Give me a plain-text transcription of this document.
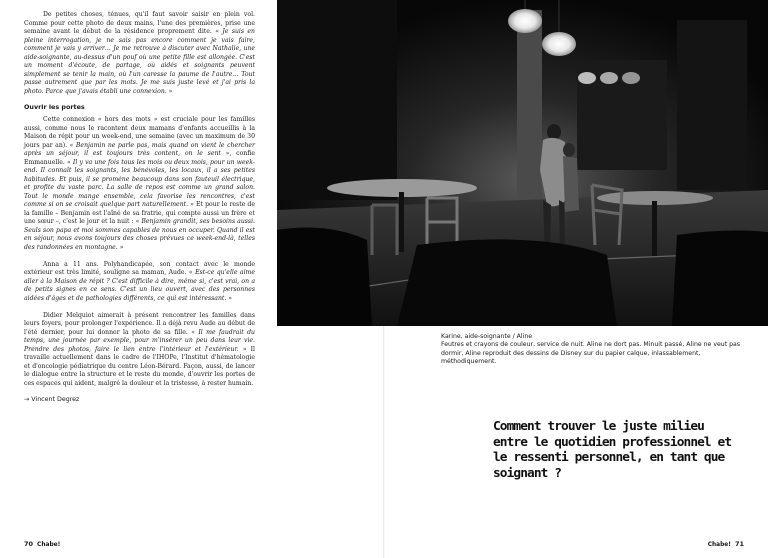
De petites choses, ténues, qu'il faut savoir saisir en plein vol. Comme pour cette photo de deux mains, l'une des premières, prise une semaine avant le début de la résidence proprement dite. « Je suis en pleine interrogation, je ne sais pas encore comment je vais faire, comment je vais y arriver… Je me retrouve à discuter avec Nathalie, une aide-soignante, au-dessus d'un pouf où une petite fille est allongée. C'est un moment d'écoute, de partage, où aidés et soignants peuvent simplement se tenir la main, où l'un caresse la paume de l'autre… Tout passe autrement que par les mots. Je me suis juste levé et j'ai pris la photo. Parce que j'avais établi une connexion. »

Ouvrir les portes

Cette connexion « hors des mots » est cruciale pour les familles aussi, comme nous le racontent deux mamans d'enfants accueillis à la Maison de répit pour un week-end, une semaine (avec un maximum de 30 jours par an). « Benjamin ne parle pas, mais quand on vient le chercher après un séjour, il est toujours très content, on le sent », confie Emmanuelle. « Il y va une fois tous les mois ou deux mois, pour un week-end. Il connaît les soignants, les bénévoles, les locaux, il a ses petites habitudes. Et puis, il se promène beaucoup dans son fauteuil électrique, et profite du vaste parc. La salle de repos est comme un grand salon. Tout le monde mange ensemble, cela favorise les rencontres, c'est comme si on se croisait quelque part naturellement. » Et pour le reste de la famille – Benjamin est l'aîné de sa fratrie, qui compte aussi un frère et une sœur –, c'est le jour et la nuit : « Benjamin grandit, ses besoins aussi. Seuls son papa et moi sommes capables de nous en occuper. Quand il est en séjour, nous avons toujours des choses prévues ce week-end-là, telles des randonnées en montagne. »

Anna a 11 ans. Polyhandicapée, son contact avec le monde extérieur est très limité, souligne sa maman, Aude. « Est-ce qu'elle aime aller à la Maison de répit ? C'est difficile à dire, même si, c'est vrai, on a de petits signes en ce sens. C'est un lieu ouvert, avec des personnes aidées d'âges et de pathologies différents, ce qui est intéressant. »

Didier Melquiot aimerait à présent rencontrer les familles dans leurs foyers, pour prolonger l'expérience. Il a déjà revu Aude au début de l'été dernier, pour lui donner la photo de sa fille. « Il me faudrait du temps, une journée par exemple, pour m'insérer un peu dans leur vie. Prendre des photos, faire le lien entre l'intérieur et l'extérieur. » Il travaille actuellement dans le cadre de l'IHOPe, l'Institut d'hématologie et d'oncologie pédiatrique du centre Léon-Bérard. Façon, aussi, de lancer le dialogue entre la structure et le reste du monde, d'ouvrir les portes de ces espaces qui aident, malgré la douleur et la tristesse, à rester humain.

→ Vincent Degrez
70 Chabe!
Karine, aide-soignante / Aline
Feutres et crayons de couleur, service de nuit. Aline ne dort pas. Minuit passé, Aline ne veut pas dormir, Aline reproduit des dessins de Disney sur du papier calque, inlassablement, méthodiquement.
Comment trouver le juste milieu entre le quotidien professionnel et le ressenti personnel, en tant que soignant ?
Chabe! 71
